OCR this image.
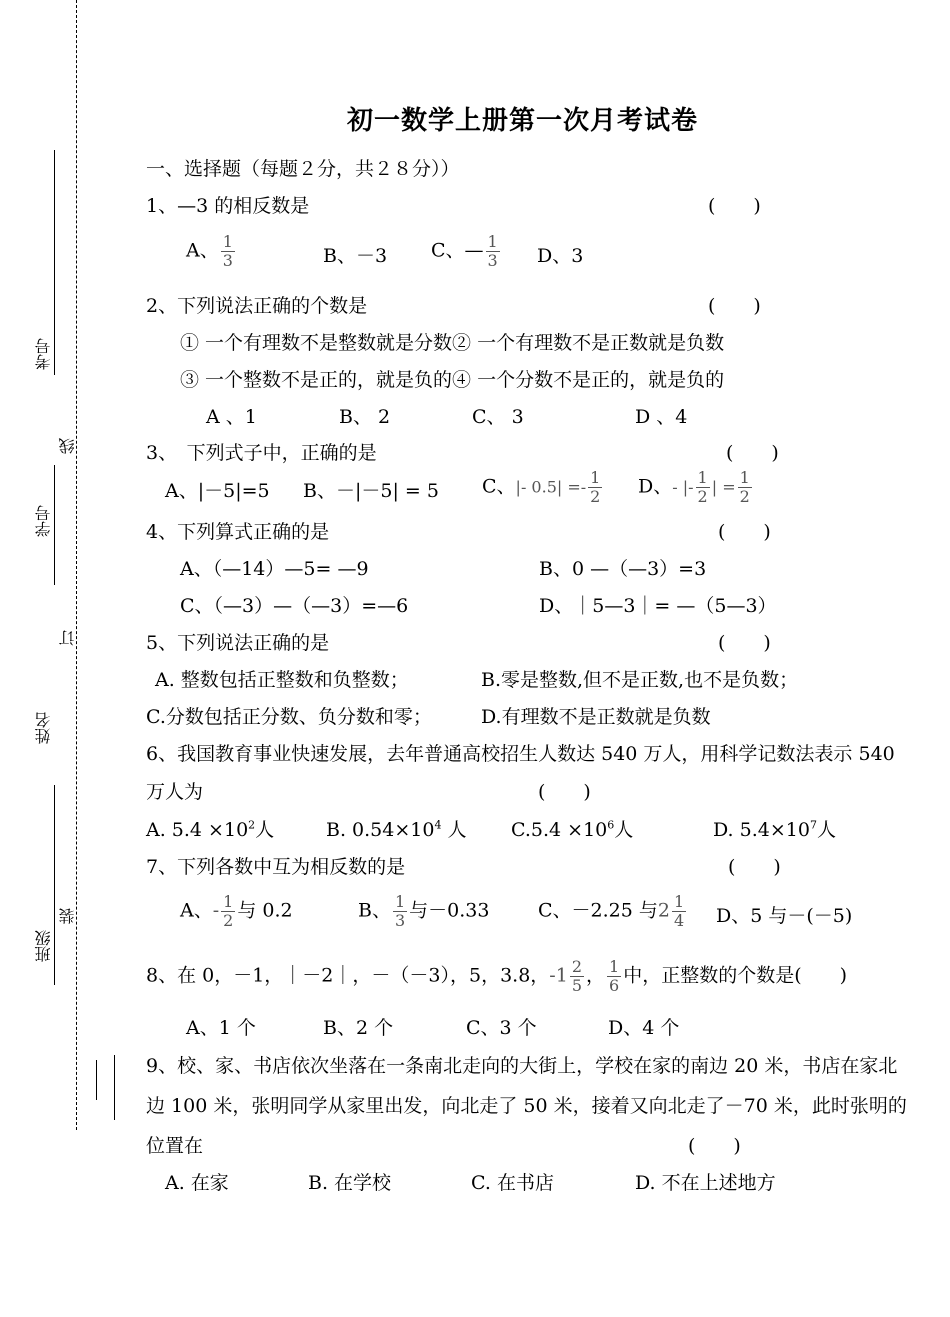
考号
学号
姓名
班级
线
订
装
初一数学上册第一次月考试卷
一、选择题（每题２分，共２８分））
1、—3 的相反数是	(　　)
A、 $\frac{1}{3}$	B、－3 C、— $\frac{1}{3}$ D、3
2、下列说法正确的个数是	(　　)
① 一个有理数不是整数就是分数② 一个有理数不是正数就是负数
③ 一个整数不是正的，就是负的④ 一个分数不是正的，就是负的
A 、1	B、 2	C、 3	D 、4
3、　下列式子中，正确的是	(　　)
A、|－5|=5 B、－|－5| = 5 C、|- $0.5| =- \frac{1}{2}$ D、- |- $\frac{1}{2}$ | = $\frac{1}{2}$
4、下列算式正确的是	(　　)
A、（—14）—5= —9	B、0 —（—3）=3
C、（—3）—（—3）=—6	D、｜5—3｜= —（5—3）
5、下列说法正确的是	(　　)
A. 整数包括正整数和负整数；	B.零是整数,但不是正数,也不是负数；
C.分数包括正分数、负分数和零；	D.有理数不是正数就是负数
6、我国教育事业快速发展，去年普通高校招生人数达 540 万人，用科学记数法表示 540
万人为	(　　)
A. $5.4 \times 10^2$人	B. $0.54\times 10^4$ 人 $C.5.4 \times 10^6$人	D. $5.4\times 10^7$人
7、下列各数中互为相反数的是	(　　)
A、- $\frac{1}{2}$ 与 0.2	B、 $\frac{1}{3}$ 与－0.33	C、－2.25 与$2 \frac{1}{4}$ D、5 与－(－5)
8、在 0，－1，｜－2｜，－（－3），5，3.8，$-1 \frac{2}{5}$ ， $\frac{1}{6}$ 中，正整数的个数是(　　)
A、1 个	B、2 个	C、3 个	D、4 个
9、校、家、书店依次坐落在一条南北走向的大街上，学校在家的南边 20 米，书店在家北
边 100 米，张明同学从家里出发，向北走了 50 米，接着又向北走了－70 米，此时张明的
位置在	(　　)
A. 在家	B. 在学校	C. 在书店	D. 不在上述地方
